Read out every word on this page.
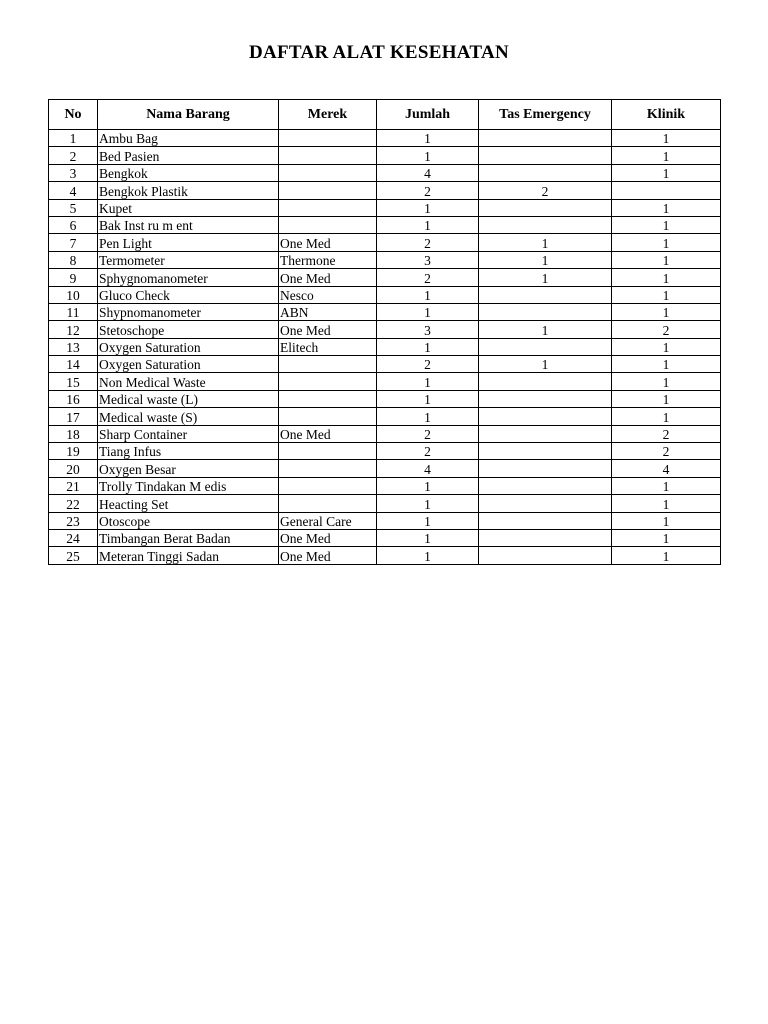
DAFTAR ALAT KESEHATAN
No	Nama Barang	Merek	Jumlah	Tas Emergency	Klinik
1	Ambu Bag		1		1
2	Bed Pasien		1		1
3	Bengkok		4		1
4	Bengkok Plastik		2	2	
5	Kupet		1		1
6	Bak Inst ru m ent		1		1
7	Pen Light	One Med	2	1	1
8	Termometer	Thermone	3	1	1
9	Sphygnomanometer	One Med	2	1	1
10	Gluco Check	Nesco	1		1
11	Shypnomanometer	ABN	1		1
12	Stetoschope	One Med	3	1	2
13	Oxygen Saturation	Elitech	1		1
14	Oxygen Saturation		2	1	1
15	Non Medical Waste		1		1
16	Medical waste (L)		1		1
17	Medical waste (S)		1		1
18	Sharp Container	One Med	2		2
19	Tiang Infus		2		2
20	Oxygen Besar		4		4
21	Trolly Tindakan M edis		1		1
22	Heacting Set		1		1
23	Otoscope	General Care	1		1
24	Timbangan Berat Badan	One Med	1		1
25	Meteran Tinggi Sadan	One Med	1		1
